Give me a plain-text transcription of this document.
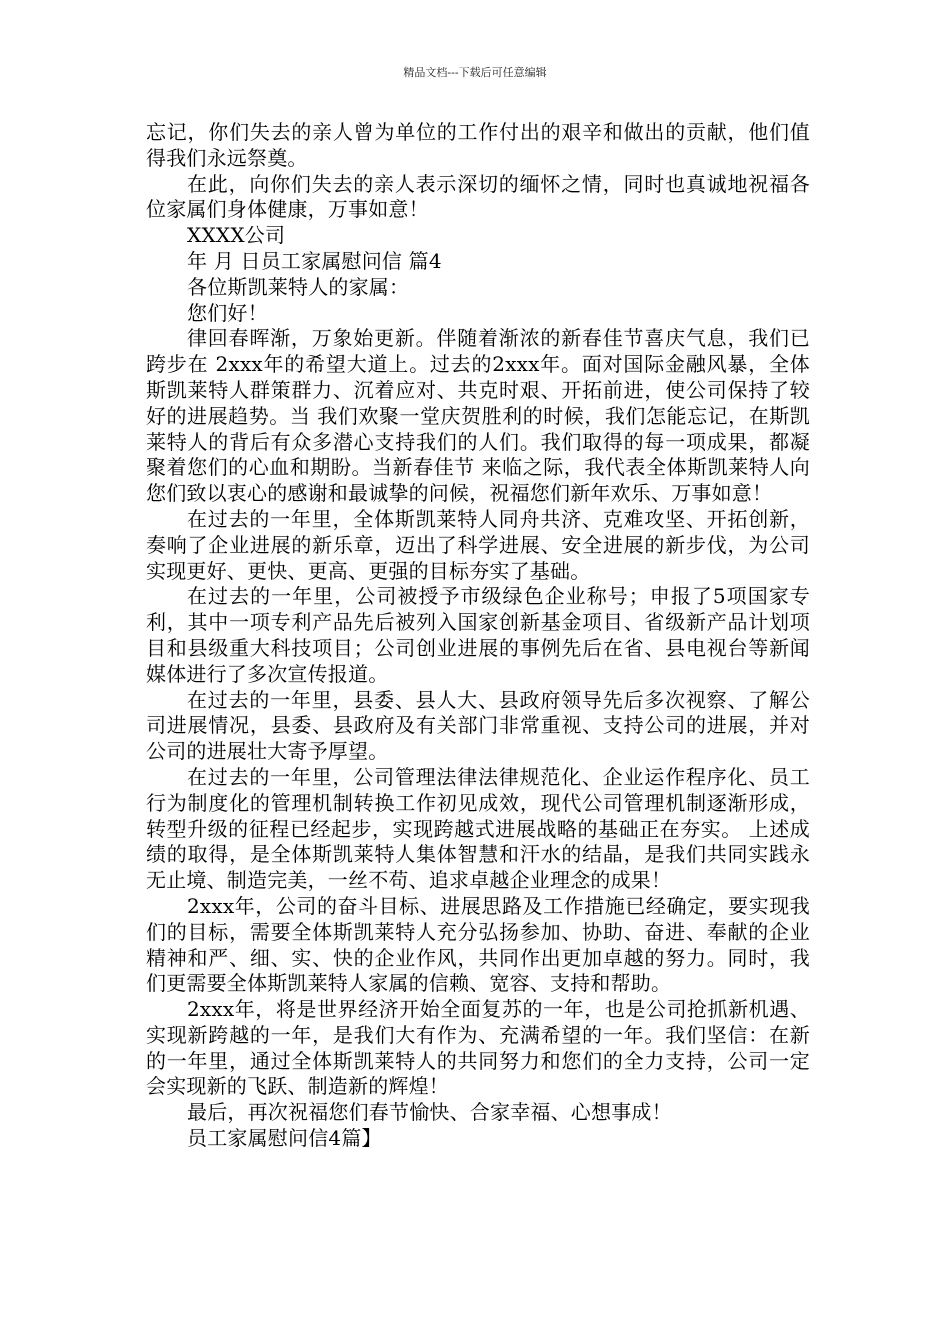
精品文档---下载后可任意编辑

忘记，你们失去的亲人曾为单位的工作付出的艰辛和做出的贡献，他们值得我们永远祭奠。

在此，向你们失去的亲人表示深切的缅怀之情，同时也真诚地祝福各位家属们身体健康，万事如意！

XXXX公司

年 月 日员工家属慰问信 篇4

各位斯凯莱特人的家属：

您们好！

律回春晖渐，万象始更新。伴随着渐浓的新春佳节喜庆气息，我们已跨步在 2xxx年的希望大道上。过去的2xxx年。面对国际金融风暴，全体斯凯莱特人群策群力、沉着应对、共克时艰、开拓前进，使公司保持了较好的进展趋势。当 我们欢聚一堂庆贺胜利的时候，我们怎能忘记，在斯凯莱特人的背后有众多潜心支持我们的人们。我们取得的每一项成果，都凝聚着您们的心血和期盼。当新春佳节 来临之际，我代表全体斯凯莱特人向您们致以衷心的感谢和最诚挚的问候，祝福您们新年欢乐、万事如意！

在过去的一年里，全体斯凯莱特人同舟共济、克难攻坚、开拓创新，奏响了企业进展的新乐章，迈出了科学进展、安全进展的新步伐，为公司实现更好、更快、更高、更强的目标夯实了基础。

在过去的一年里，公司被授予市级绿色企业称号；申报了5项国家专利，其中一项专利产品先后被列入国家创新基金项目、省级新产品计划项目和县级重大科技项目；公司创业进展的事例先后在省、县电视台等新闻媒体进行了多次宣传报道。

在过去的一年里，县委、县人大、县政府领导先后多次视察、了解公司进展情况，县委、县政府及有关部门非常重视、支持公司的进展，并对公司的进展壮大寄予厚望。

在过去的一年里，公司管理法律法律规范化、企业运作程序化、员工行为制度化的管理机制转换工作初见成效，现代公司管理机制逐渐形成，转型升级的征程已经起步，实现跨越式进展战略的基础正在夯实。 上述成绩的取得，是全体斯凯莱特人集体智慧和汗水的结晶，是我们共同实践永无止境、制造完美，一丝不苟、追求卓越企业理念的成果！

2xxx年，公司的奋斗目标、进展思路及工作措施已经确定，要实现我们的目标，需要全体斯凯莱特人充分弘扬参加、协助、奋进、奉献的企业精神和严、细、实、快的企业作风，共同作出更加卓越的努力。同时，我们更需要全体斯凯莱特人家属的信赖、宽容、支持和帮助。

2xxx年，将是世界经济开始全面复苏的一年，也是公司抢抓新机遇、实现新跨越的一年，是我们大有作为、充满希望的一年。我们坚信：在新的一年里，通过全体斯凯莱特人的共同努力和您们的全力支持，公司一定会实现新的飞跃、制造新的辉煌！

最后，再次祝福您们春节愉快、合家幸福、心想事成！

员工家属慰问信4篇】
